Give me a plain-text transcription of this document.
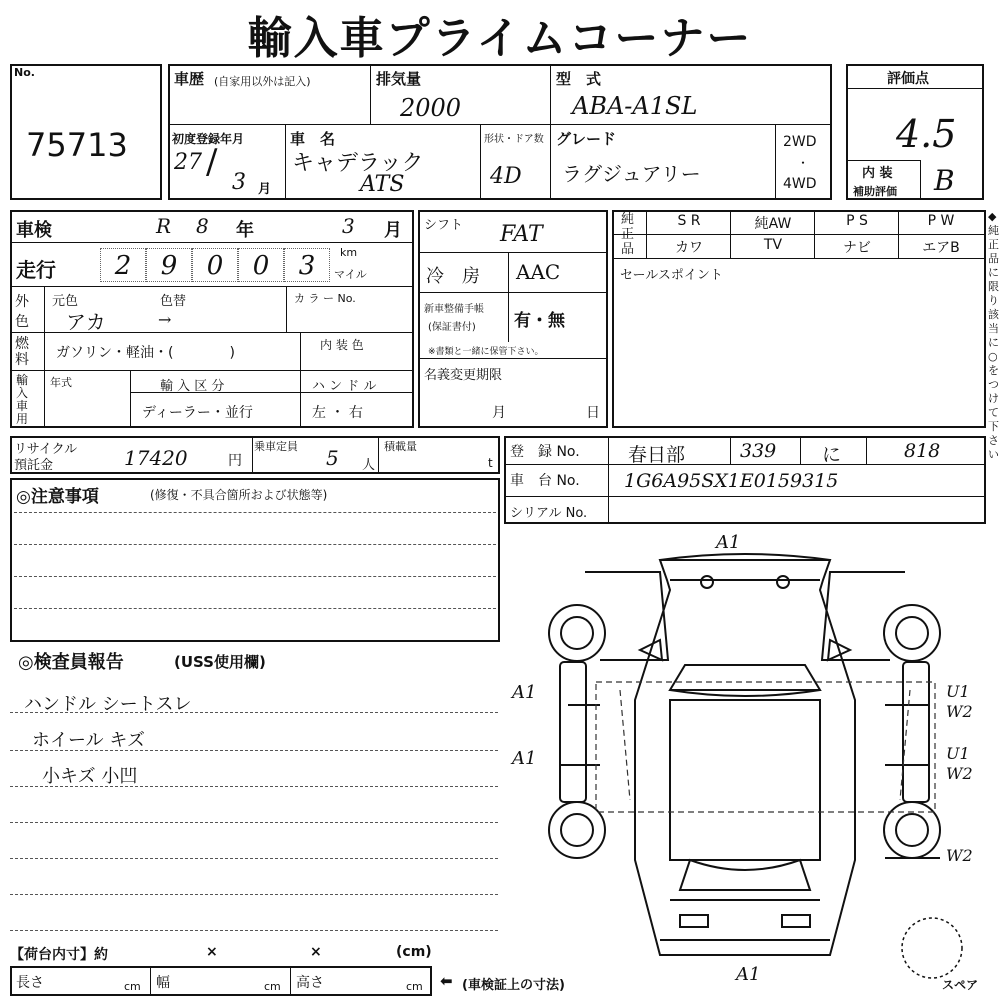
輸入車プライムコーナー
No.
75713
車歴 (自家用以外は記入)	排気量
2000
型　式
ABA-A1SL
初度登録年月
27 /
3 月
車　名
キャデラック
ATS
形状・ドア数
4D
グレード
ラグジュアリー
2WD
・
4WD
評価点
4.5
内 装
補助評価 B
車検	R 8 年	3 月
走行	2	9	0	0	3	km
マイル
外色
元色	色替	カ ラ ー No.
アカ	→
燃料	ガソリン・軽油・(　　　　)	内 装 色
輸入車用
年式	輸 入 区 分
ディーラー・並行
ハ ン ド ル
左 ・ 右
シフト FAT
冷　房 AAC
新車整備手帳
(保証書付) 有・無
※書類と一緒に保管下さい。
名義変更期限
月	日
純正品
S R	純AW	P S	P W
カワ	TV	ナビ	エアB
セールスポイント
◆純正品に限り該当に○をつけて下さい
リサイクル
預託金	17420	円
乗車定員 5 人
積載量
t
登　録 No.	春日部	339 に	818
車　台 No. 1G6A95SX1E0159315
シリアル No.
◎注意事項	(修復・不具合箇所および状態等)
◎検査員報告	(USS使用欄)
ハンドル シートスレ
ホイール キズ
小キズ 小凹
A1
A1
A1
U1
W2
U1
W2
W2
A1	スペア
【荷台内寸】約	×	×	(cm)
長さ	cm 幅	cm 高さ	cm ⬅ (車検証上の寸法)
